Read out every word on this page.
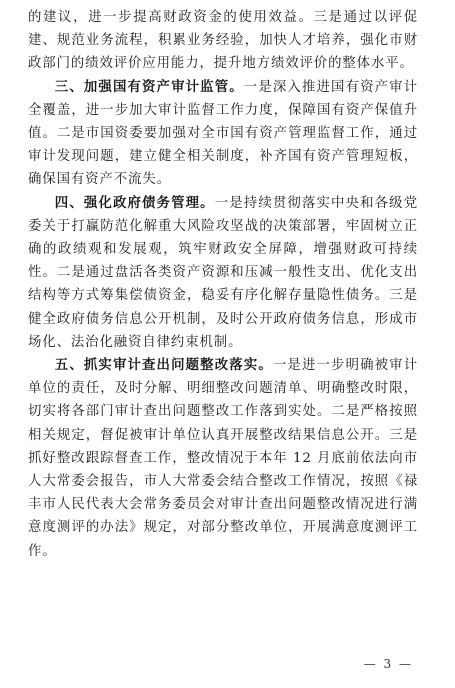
的建议，进一步提高财政资金的使用效益。三是通过以评促建、规范业务流程，积累业务经验，加快人才培养，强化市财政部门的绩效评价应用能力，提升地方绩效评价的整体水平。

三、加强国有资产审计监管。一是深入推进国有资产审计全覆盖，进一步加大审计监督工作力度，保障国有资产保值升值。二是市国资委要加强对全市国有资产管理监督工作，通过审计发现问题，建立健全相关制度，补齐国有资产管理短板，确保国有资产不流失。

四、强化政府债务管理。一是持续贯彻落实中央和各级党委关于打赢防范化解重大风险攻坚战的决策部署，牢固树立正确的政绩观和发展观，筑牢财政安全屏障，增强财政可持续性。二是通过盘活各类资产资源和压减一般性支出、优化支出结构等方式筹集偿债资金，稳妥有序化解存量隐性债务。三是健全政府债务信息公开机制，及时公开政府债务信息，形成市场化、法治化融资自律约束机制。

五、抓实审计查出问题整改落实。一是进一步明确被审计单位的责任，及时分解、明细整改问题清单、明确整改时限，切实将各部门审计查出问题整改工作落到实处。二是严格按照相关规定，督促被审计单位认真开展整改结果信息公开。三是抓好整改跟踪督查工作，整改情况于本年 12 月底前依法向市人大常委会报告，市人大常委会结合整改工作情况，按照《禄丰市人民代表大会常务委员会对审计查出问题整改情况进行满意度测评的办法》规定，对部分整改单位，开展满意度测评工作。

— 3 —
